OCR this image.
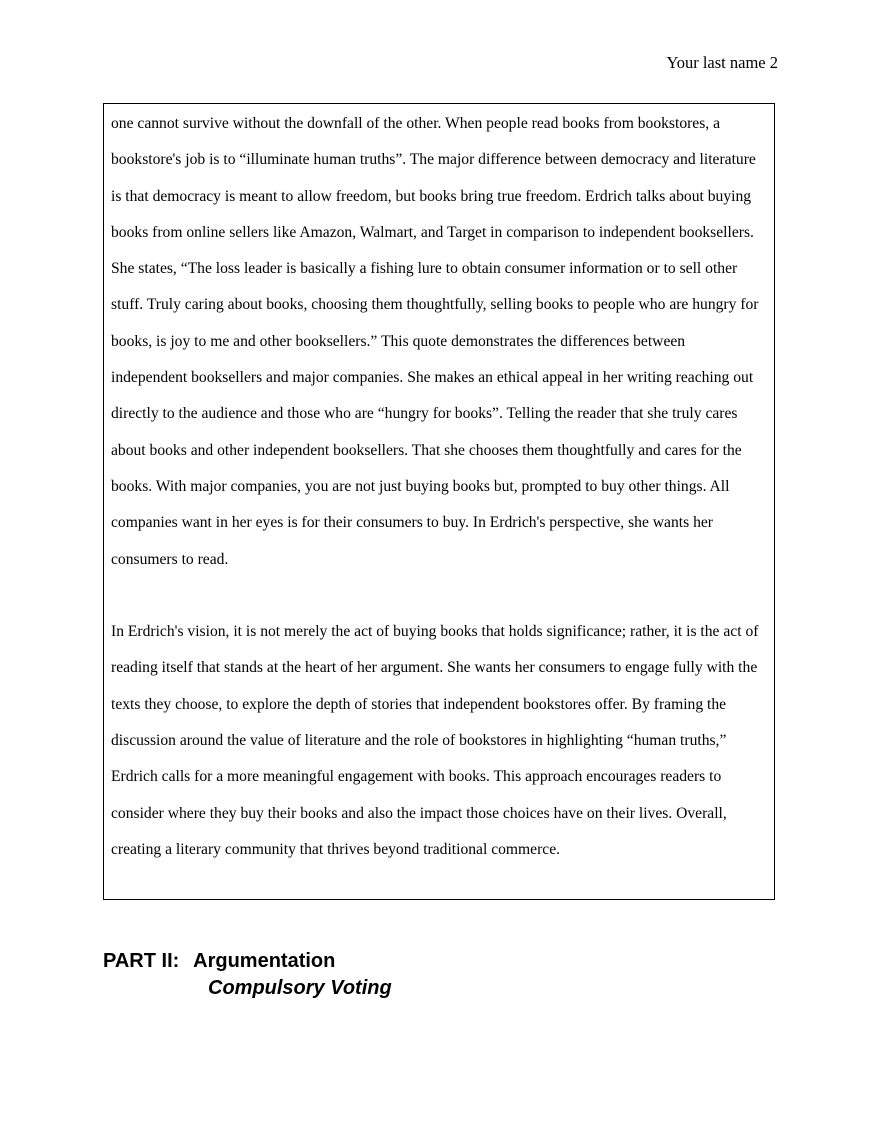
Your last name 2
one cannot survive without the downfall of the other. When people read books from bookstores, a
bookstore's job is to “illuminate human truths”. The major difference between democracy and literature
is that democracy is meant to allow freedom, but books bring true freedom. Erdrich talks about buying
books from online sellers like Amazon, Walmart, and Target in comparison to independent booksellers.
She states, “The loss leader is basically a fishing lure to obtain consumer information or to sell other
stuff. Truly caring about books, choosing them thoughtfully, selling books to people who are hungry for
books, is joy to me and other booksellers.” This quote demonstrates the differences between
independent booksellers and major companies. She makes an ethical appeal in her writing reaching out
directly to the audience and those who are “hungry for books”. Telling the reader that she truly cares
about books and other independent booksellers. That she chooses them thoughtfully and cares for the
books. With major companies, you are not just buying books but, prompted to buy other things. All
companies want in her eyes is for their consumers to buy. In Erdrich's perspective, she wants her
consumers to read.
In Erdrich's vision, it is not merely the act of buying books that holds significance; rather, it is the act of
reading itself that stands at the heart of her argument. She wants her consumers to engage fully with the
texts they choose, to explore the depth of stories that independent bookstores offer. By framing the
discussion around the value of literature and the role of bookstores in highlighting “human truths,”
Erdrich calls for a more meaningful engagement with books. This approach encourages readers to
consider where they buy their books and also the impact those choices have on their lives. Overall,
creating a literary community that thrives beyond traditional commerce.
PART II: Argumentation
Compulsory Voting
